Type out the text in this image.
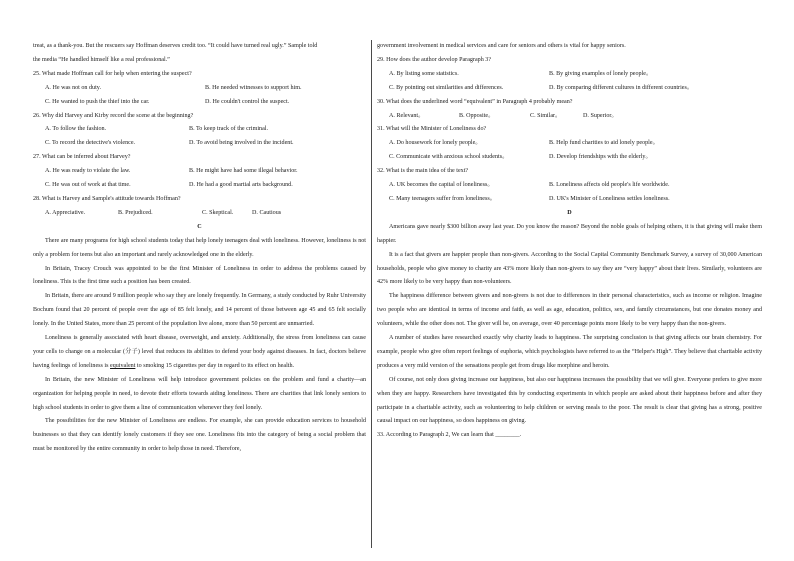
treat, as a thank-you. But the rescuers say Hoffman deserves credit too. “It could have turned real ugly.” Sample told

the media “He handled himself like a real professional.”

25. What made Hoffman call for help when entering the suspect?

A. He was not on duty.	B. He needed witnesses to support him.
C. He wanted to push the thief into the car.	D. He couldn't control the suspect.

26. Why did Harvey and Kirby record the scene at the beginning?

A. To follow the fashion.	B. To keep track of the criminal.
C. To record the detective's violence.	D. To avoid being involved in the incident.

27. What can be inferred about Harvey?

A. He was ready to violate the law.	B. He might have had some illegal behavior.
C. He was out of work at that time.	D. He had a good martial arts background.

28. What is Harvey and Sample's attitude towards Hoffman?

A. Appreciative.	B. Prejudiced.	C. Skeptical.	D. Cautious

C

There are many programs for high school students today that help lonely teenagers deal with loneliness. However, loneliness is not only a problem for teens but also an important and rarely acknowledged one in the elderly.

In Britain, Tracey Crouch was appointed to be the first Minister of Loneliness in order to address the problems caused by loneliness. This is the first time such a position has been created.

In Britain, there are around 9 million people who say they are lonely frequently. In Germany, a study conducted by Ruhr University Bochum found that 20 percent of people over the age of 85 felt lonely, and 14 percent of those between age 45 and 65 felt socially lonely. In the United States, more than 25 percent of the population live alone, more than 50 percent are unmarried.

Loneliness is generally associated with heart disease, overweight, and anxiety. Additionally, the stress from loneliness can cause your cells to change on a molecular (分子) level that reduces its abilities to defend your body against diseases. In fact, doctors believe having feelings of loneliness is equivalent to smoking 15 cigarettes per day in regard to its effect on health.

In Britain, the new Minister of Loneliness will help introduce government policies on the problem and fund a charity—an organization for helping people in need, to devote their efforts towards aiding loneliness. There are charities that link lonely seniors to high school students in order to give them a line of communication whenever they feel lonely.

The possibilities for the new Minister of Loneliness are endless. For example, she can provide education services to household businesses so that they can identify lonely customers if they see one. Loneliness fits into the category of being a social problem that must be monitored by the entire community in order to help those in need. Therefore,

government involvement in medical services and care for seniors and others is vital for happy seniors.

29. How does the author develop Paragraph 3?

A. By listing some statistics.	B. By giving examples of lonely people｡
C. By pointing out similarities and differences.	D. By comparing different cultures in different countries｡

30. What does the underlined word “equivalent” in Paragraph 4 probably mean?

A. Relevant｡	B. Opposite｡	C. Similar｡	D. Superior｡

31. What will the Minister of Loneliness do?

A. Do housework for lonely people｡	B. Help fund charities to aid lonely people｡
C. Communicate with anxious school students｡	D. Develop friendships with the elderly｡

32. What is the main idea of the text?

A. UK becomes the capital of loneliness｡	B. Loneliness affects old people's life worldwide.
C. Many teenagers suffer from loneliness｡	D. UK's Minister of Loneliness settles loneliness.

D

Americans gave nearly $300 billion away last year. Do you know the reason? Beyond the noble goals of helping others, it is that giving will make them happier.

It is a fact that givers are happier people than non-givers. According to the Social Capital Community Benchmark Survey, a survey of 30,000 American households, people who give money to charity are 43% more likely than non-givers to say they are “very happy” about their lives. Similarly, volunteers are 42% more likely to be very happy than non-volunteers.

The happiness difference between givers and non-givers is not due to differences in their personal characteristics, such as income or religion. Imagine two people who are identical in terms of income and faith, as well as age, education, politics, sex, and family circumstances, but one donates money and volunteers, while the other does not. The giver will be, on average, over 40 percentage points more likely to be very happy than the non-givers.

A number of studies have researched exactly why charity leads to happiness. The surprising conclusion is that giving affects our brain chemistry. For example, people who give often report feelings of euphoria, which psychologists have referred to as the “Helper's High”. They believe that charitable activity produces a very mild version of the sensations people get from drugs like morphine and heroin.

Of course, not only does giving increase our happiness, but also our happiness increases the possibility that we will give. Everyone prefers to give more when they are happy. Researchers have investigated this by conducting experiments in which people are asked about their happiness before and after they participate in a charitable activity, such as volunteering to help children or serving meals to the poor. The result is clear that giving has a strong, positive causal impact on our happiness, so does happiness on giving.

33. According to Paragraph 2, We can learn that ________.
